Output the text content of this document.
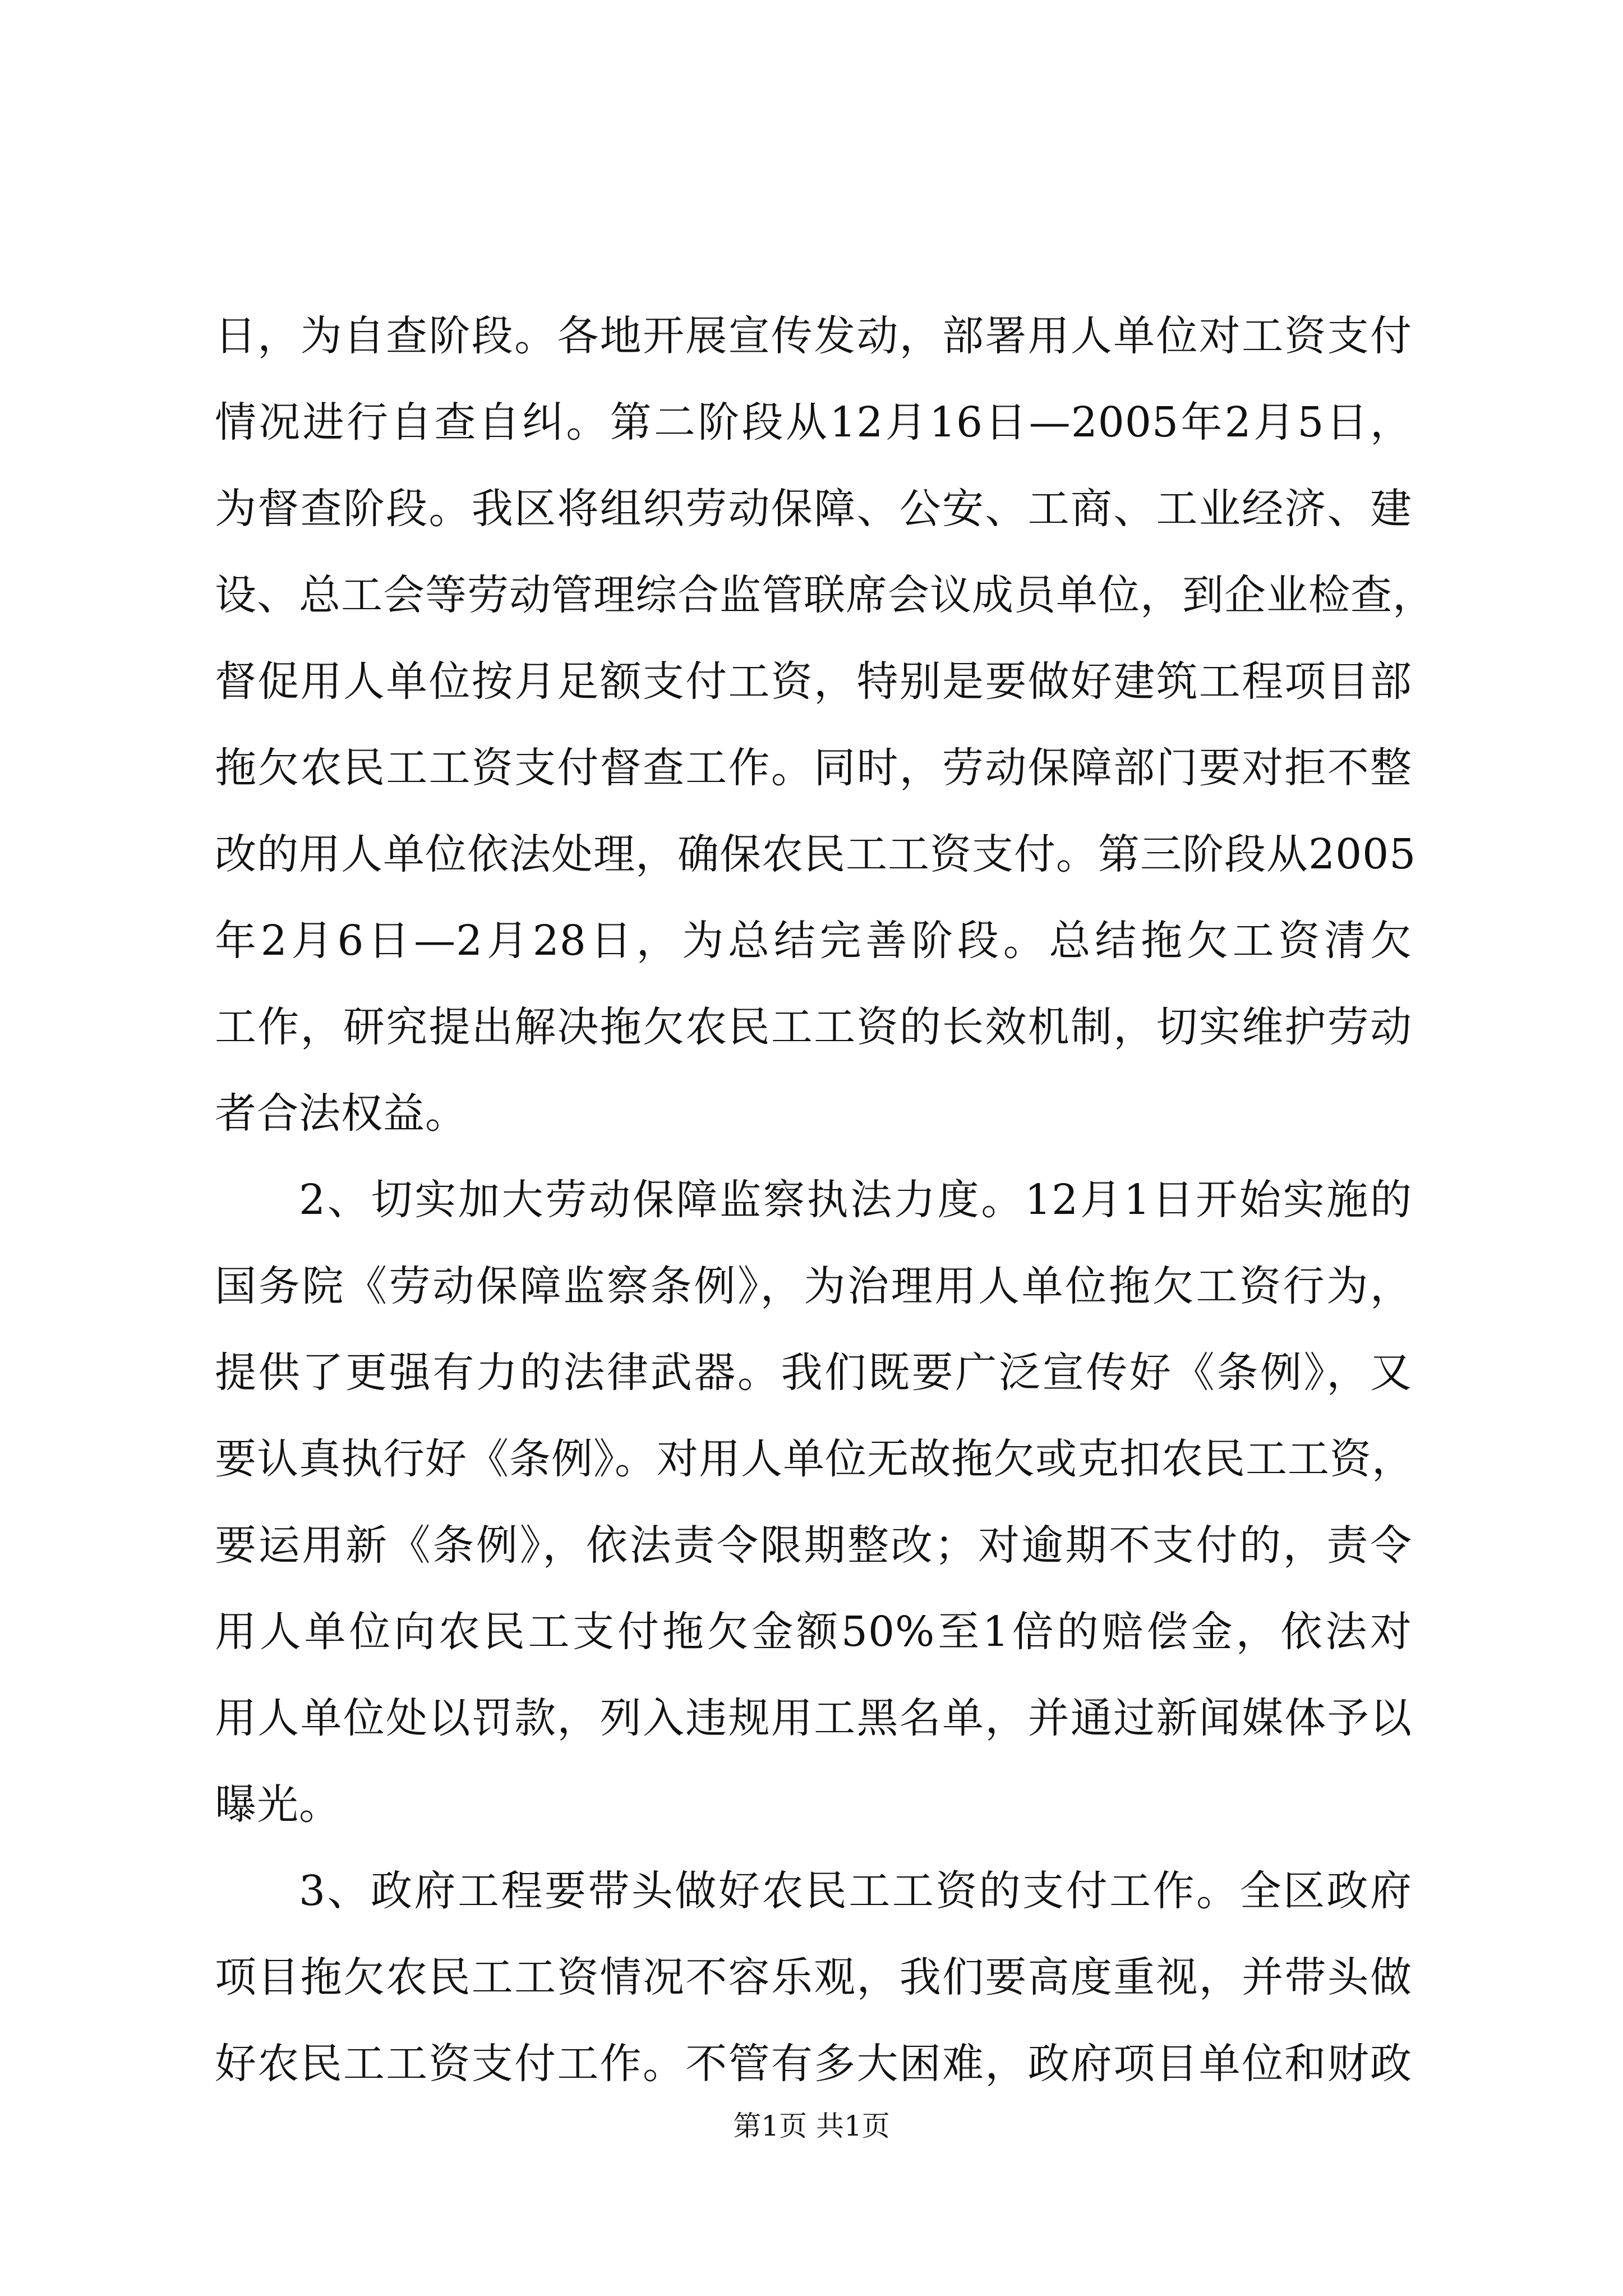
日，为自查阶段。各地开展宣传发动，部署用人单位对工资支付
情况进行自查自纠。第二阶段从12月16日—2005年2月5日，
为督查阶段。我区将组织劳动保障、公安、工商、工业经济、建
设、总工会等劳动管理综合监管联席会议成员单位，到企业检查，
督促用人单位按月足额支付工资，特别是要做好建筑工程项目部
拖欠农民工工资支付督查工作。同时，劳动保障部门要对拒不整
改的用人单位依法处理，确保农民工工资支付。第三阶段从2005
年2月6日—2月28日，为总结完善阶段。总结拖欠工资清欠
工作，研究提出解决拖欠农民工工资的长效机制，切实维护劳动
者合法权益。
2、切实加大劳动保障监察执法力度。12月1日开始实施的
国务院《劳动保障监察条例》，为治理用人单位拖欠工资行为，
提供了更强有力的法律武器。我们既要广泛宣传好《条例》，又
要认真执行好《条例》。对用人单位无故拖欠或克扣农民工工资，
要运用新《条例》，依法责令限期整改；对逾期不支付的，责令
用人单位向农民工支付拖欠金额50%至1倍的赔偿金，依法对
用人单位处以罚款，列入违规用工黑名单，并通过新闻媒体予以
曝光。
3、政府工程要带头做好农民工工资的支付工作。全区政府
项目拖欠农民工工资情况不容乐观，我们要高度重视，并带头做
好农民工工资支付工作。不管有多大困难，政府项目单位和财政
第1页 共1页
